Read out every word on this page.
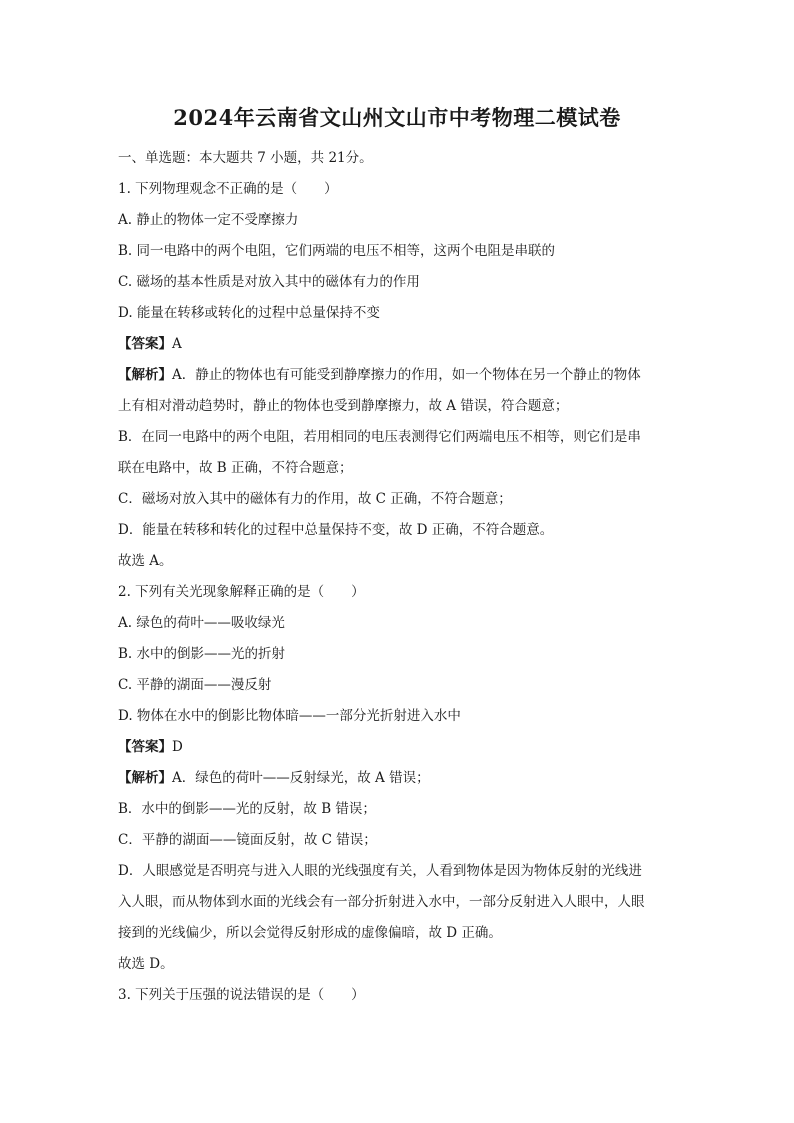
2024年云南省文山州文山市中考物理二模试卷
一、单选题：本大题共 7 小题，共 21分。
1. 下列物理观念不正确的是（　　）
A. 静止的物体一定不受摩擦力
B. 同一电路中的两个电阻，它们两端的电压不相等，这两个电阻是串联的
C. 磁场的基本性质是对放入其中的磁体有力的作用
D. 能量在转移或转化的过程中总量保持不变
【答案】A
【解析】A．静止的物体也有可能受到静摩擦力的作用，如一个物体在另一个静止的物体
上有相对滑动趋势时，静止的物体也受到静摩擦力，故 A 错误，符合题意；
B．在同一电路中的两个电阻，若用相同的电压表测得它们两端电压不相等，则它们是串
联在电路中，故 B 正确，不符合题意；
C．磁场对放入其中的磁体有力的作用，故 C 正确，不符合题意；
D．能量在转移和转化的过程中总量保持不变，故 D 正确，不符合题意。
故选 A。
2. 下列有关光现象解释正确的是（　　）
A. 绿色的荷叶——吸收绿光
B. 水中的倒影——光的折射
C. 平静的湖面——漫反射
D. 物体在水中的倒影比物体暗——一部分光折射进入水中
【答案】D
【解析】A．绿色的荷叶——反射绿光，故 A 错误；
B．水中的倒影——光的反射，故 B 错误；
C．平静的湖面——镜面反射，故 C 错误；
D．人眼感觉是否明亮与进入人眼的光线强度有关，人看到物体是因为物体反射的光线进
入人眼，而从物体到水面的光线会有一部分折射进入水中，一部分反射进入人眼中，人眼
接到的光线偏少，所以会觉得反射形成的虚像偏暗，故 D 正确。
故选 D。
3. 下列关于压强的说法错误的是（　　）
